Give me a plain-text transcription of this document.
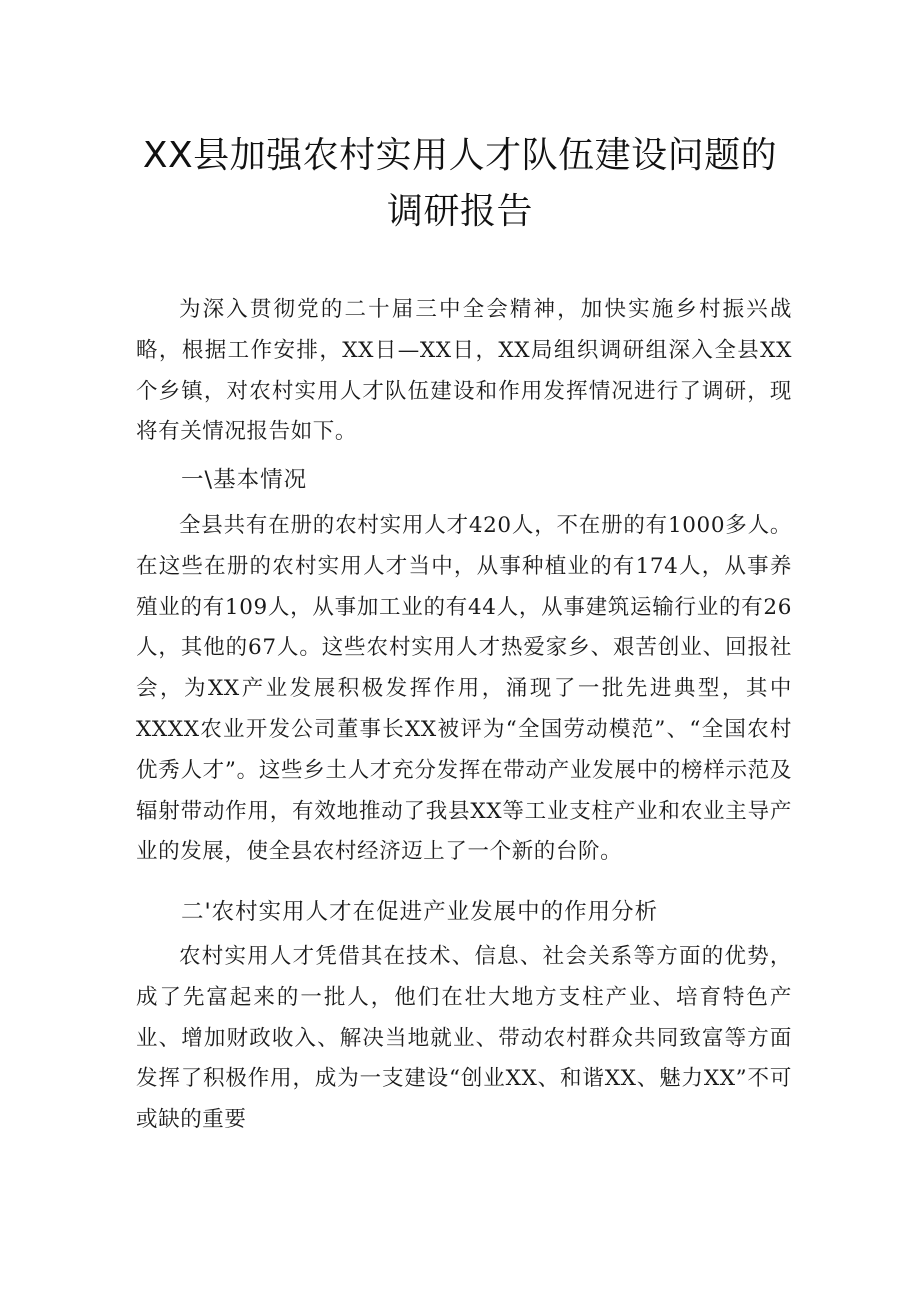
XX县加强农村实用人才队伍建设问题的调研报告

为深入贯彻党的二十届三中全会精神，加快实施乡村振兴战略，根据工作安排，XX日—XX日，XX局组织调研组深入全县XX个乡镇，对农村实用人才队伍建设和作用发挥情况进行了调研，现将有关情况报告如下。

一\基本情况

全县共有在册的农村实用人才420人，不在册的有1000多人。在这些在册的农村实用人才当中，从事种植业的有174人，从事养殖业的有109人，从事加工业的有44人，从事建筑运输行业的有26人，其他的67人。这些农村实用人才热爱家乡、艰苦创业、回报社会，为XX产业发展积极发挥作用，涌现了一批先进典型，其中XXXX农业开发公司董事长XX被评为“全国劳动模范”、“全国农村优秀人才”。这些乡土人才充分发挥在带动产业发展中的榜样示范及辐射带动作用，有效地推动了我县XX等工业支柱产业和农业主导产业的发展，使全县农村经济迈上了一个新的台阶。

二'农村实用人才在促进产业发展中的作用分析

农村实用人才凭借其在技术、信息、社会关系等方面的优势，成了先富起来的一批人，他们在壮大地方支柱产业、培育特色产业、增加财政收入、解决当地就业、带动农村群众共同致富等方面发挥了积极作用，成为一支建设“创业XX、和谐XX、魅力XX”不可或缺的重要
